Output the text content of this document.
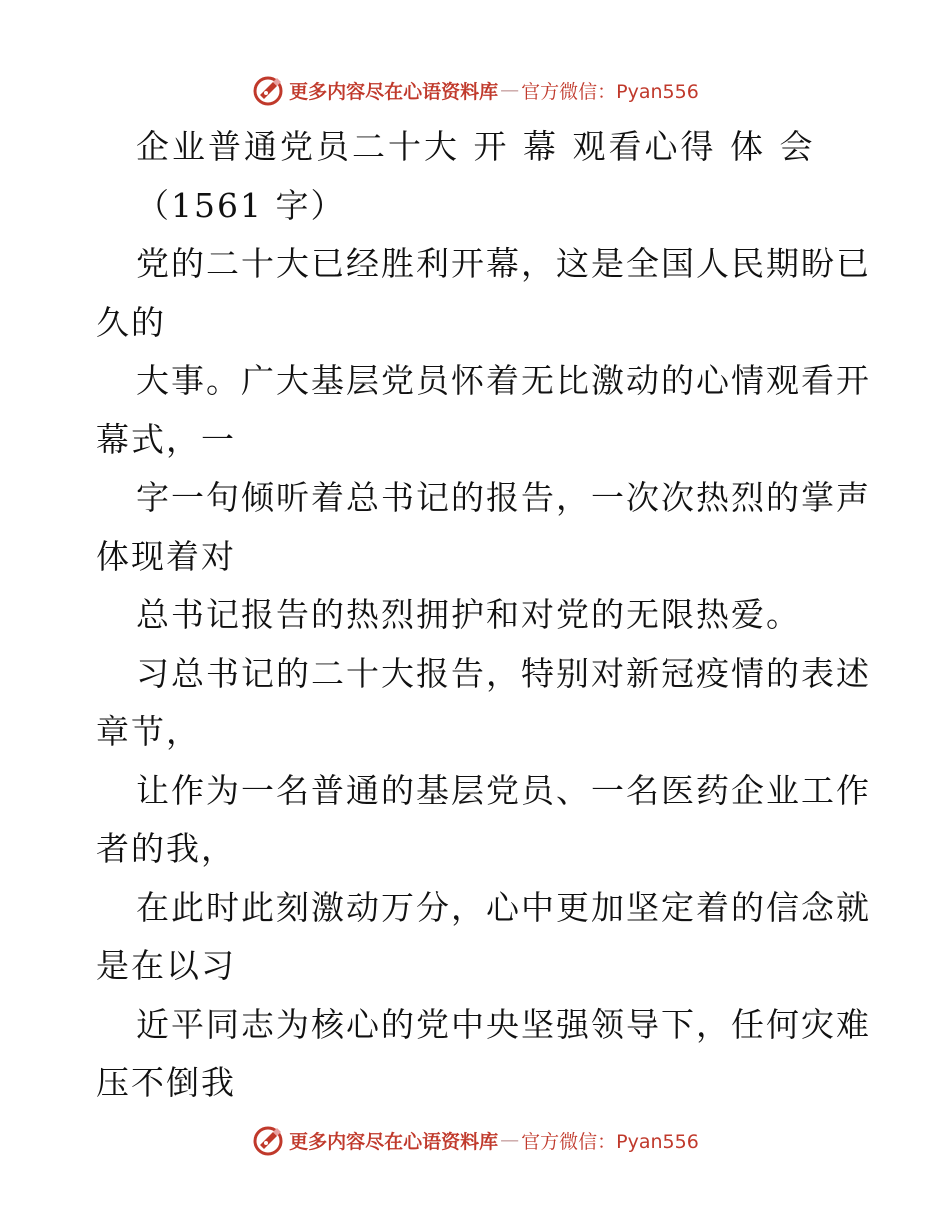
更多内容尽在心语资料库 — 官方微信：Pyan556
企业普通党员二十大 开 幕 观看心得 体 会
（1561 字）
党的二十大已经胜利开幕，这是全国人民期盼已
久的
大事。广大基层党员怀着无比激动的心情观看开
幕式，一
字一句倾听着总书记的报告，一次次热烈的掌声
体现着对
总书记报告的热烈拥护和对党的无限热爱。
习总书记的二十大报告，特别对新冠疫情的表述
章节，
让作为一名普通的基层党员、一名医药企业工作
者的我，
在此时此刻激动万分，心中更加坚定着的信念就
是在以习
近平同志为核心的党中央坚强领导下，任何灾难
压不倒我
更多内容尽在心语资料库 — 官方微信：Pyan556
